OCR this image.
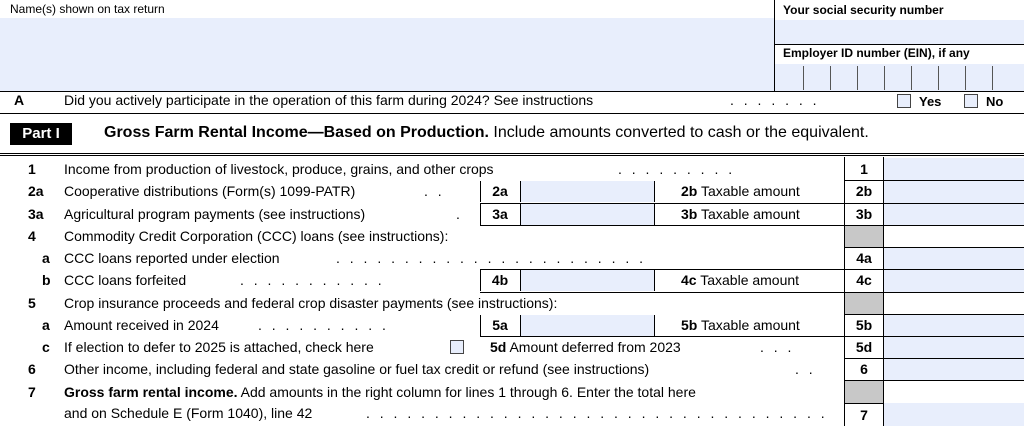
Name(s) shown on tax return	Your social security number
Employer ID number (EIN), if any
A	Did you actively participate in the operation of this farm during 2024? See instructions	. . . . . . .	Yes	No
Part I	Gross Farm Rental Income—Based on Production. Include amounts converted to cash or the equivalent.
1 Income from production of livestock, produce, grains, and other crops	. . . . . . . . .	1
2a Cooperative distributions (Form(s) 1099-PATR)	. .	2a	2b Taxable amount	2b
3a Agricultural program payments (see instructions)	.	3a	3b Taxable amount	3b
4 Commodity Credit Corporation (CCC) loans (see instructions):
a CCC loans reported under election	. . . . . . . . . . . . . . . . . . . . . . .	4a
b CCC loans forfeited	. . . . . . . . . . .	4b	4c Taxable amount	4c
5 Crop insurance proceeds and federal crop disaster payments (see instructions):
a Amount received in 2024	. . . . . . . . . .	5a	5b Taxable amount	5b
c If election to defer to 2025 is attached, check here	5d Amount deferred from 2023	. . .	5d
6 Other income, including federal and state gasoline or fuel tax credit or refund (see instructions)	. .	6
7 Gross farm rental income. Add amounts in the right column for lines 1 through 6. Enter the total here
and on Schedule E (Form 1040), line 42	. . . . . . . . . . . . . . . . . . . . . . . . . . . . . . . . . .	7
